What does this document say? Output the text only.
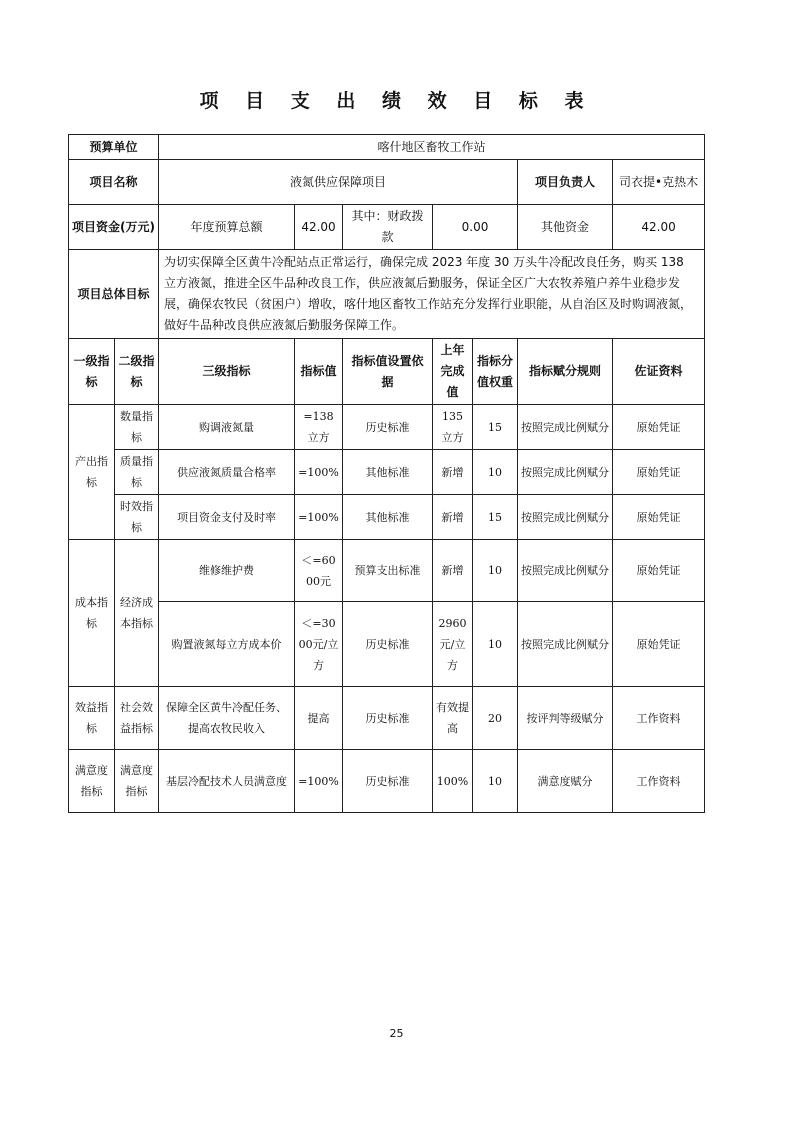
项 目 支 出 绩 效 目 标 表
预算单位		喀什地区畜牧工作站						
项目名称		液氮供应保障项目					项目负责人	司衣提•克热木
项目资金(万元)		年度预算总额	42.00	其中：财政拨款	0.00		其他资金	42.00
项目总体目标		为切实保障全区黄牛冷配站点正常运行，确保完成 2023 年度 30 万头牛冷配改良任务，购买 138 立方液氮，推进全区牛品种改良工作，供应液氮后勤服务，保证全区广大农牧养殖户养牛业稳步发展，确保农牧民（贫困户）增收，喀什地区畜牧工作站充分发挥行业职能，从自治区及时购调液氮，做好牛品种改良供应液氮后勤服务保障工作。						
一级指标	二级指标	三级指标	指标值	指标值设置依据	上年完成值	指标分值权重	指标赋分规则	佐证资料
产出指标	数量指标	购调液氮量	=138立方	历史标准	135 立方	15	按照完成比例赋分	原始凭证
	质量指标	供应液氮质量合格率	=100%	其他标准	新增	10	按照完成比例赋分	原始凭证
	时效指标	项目资金支付及时率	=100%	其他标准	新增	15	按照完成比例赋分	原始凭证
成本指标	经济成本指标	维修维护费	＜=6000元	预算支出标准	新增	10	按照完成比例赋分	原始凭证
		购置液氮每立方成本价	＜=3000元/立方	历史标准	2960元/立方	10	按照完成比例赋分	原始凭证
效益指标	社会效益指标	保障全区黄牛冷配任务、提高农牧民收入	提高	历史标准	有效提高	20	按评判等级赋分	工作资料
满意度指标	满意度指标	基层冷配技术人员满意度	=100%	历史标准	100%	10	满意度赋分	工作资料
25
